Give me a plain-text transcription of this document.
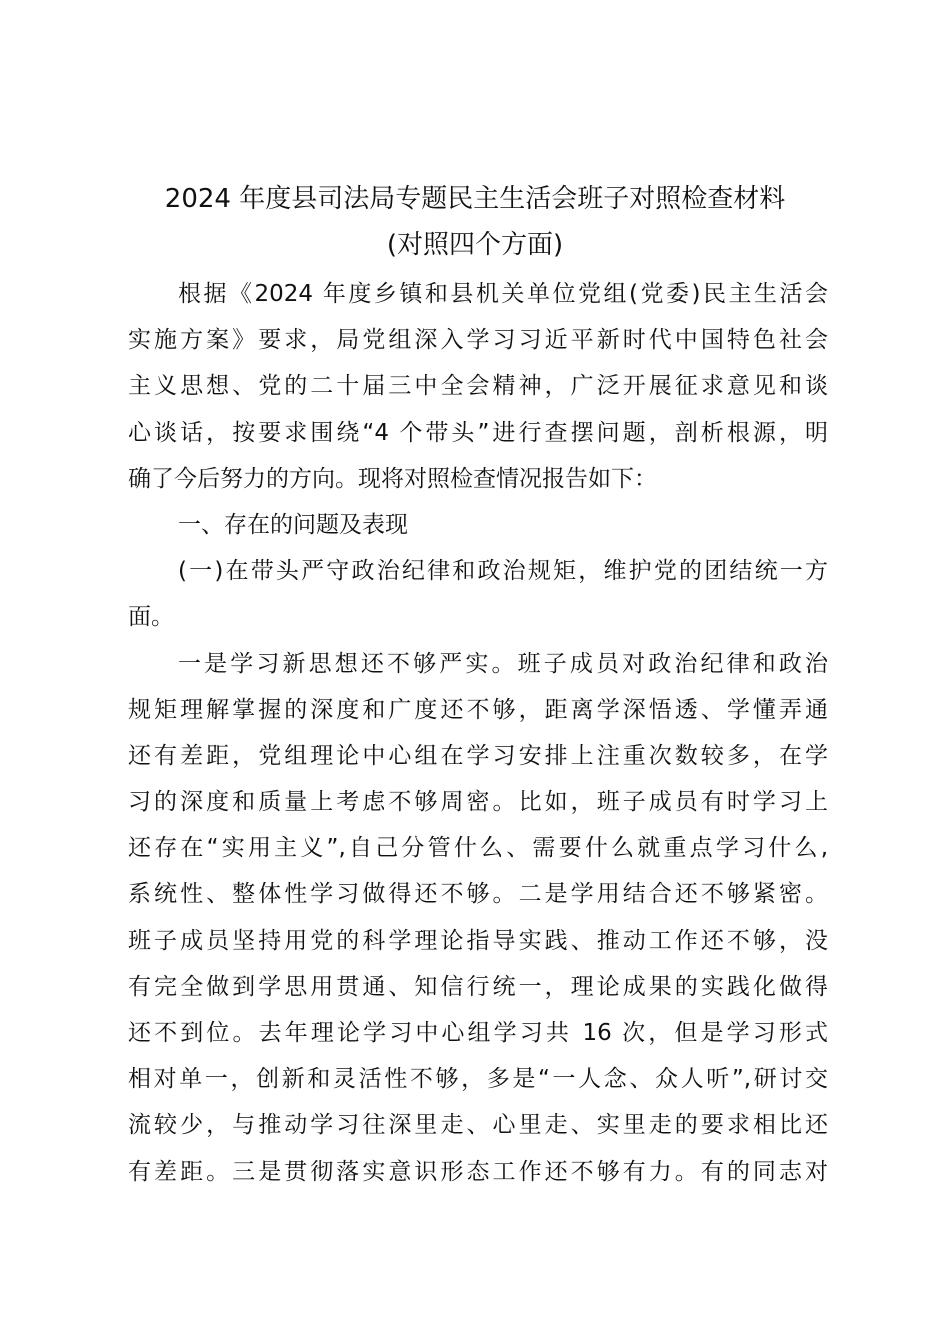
2024 年度县司法局专题民主生活会班子对照检查材料
(对照四个方面)
根据《2024 年度乡镇和县机关单位党组(党委)民主生活会
实施方案》要求，局党组深入学习习近平新时代中国特色社会
主义思想、党的二十届三中全会精神，广泛开展征求意见和谈
心谈话，按要求围绕“4 个带头”进行查摆问题，剖析根源，明
确了今后努力的方向。现将对照检查情况报告如下：
一、存在的问题及表现
(一)在带头严守政治纪律和政治规矩，维护党的团结统一方
面。
一是学习新思想还不够严实。班子成员对政治纪律和政治
规矩理解掌握的深度和广度还不够，距离学深悟透、学懂弄通
还有差距，党组理论中心组在学习安排上注重次数较多，在学
习的深度和质量上考虑不够周密。比如，班子成员有时学习上
还存在“实用主义”,自己分管什么、需要什么就重点学习什么,
系统性、整体性学习做得还不够。二是学用结合还不够紧密。
班子成员坚持用党的科学理论指导实践、推动工作还不够，没
有完全做到学思用贯通、知信行统一，理论成果的实践化做得
还不到位。去年理论学习中心组学习共 16 次，但是学习形式
相对单一，创新和灵活性不够，多是“一人念、众人听”,研讨交
流较少，与推动学习往深里走、心里走、实里走的要求相比还
有差距。三是贯彻落实意识形态工作还不够有力。有的同志对
